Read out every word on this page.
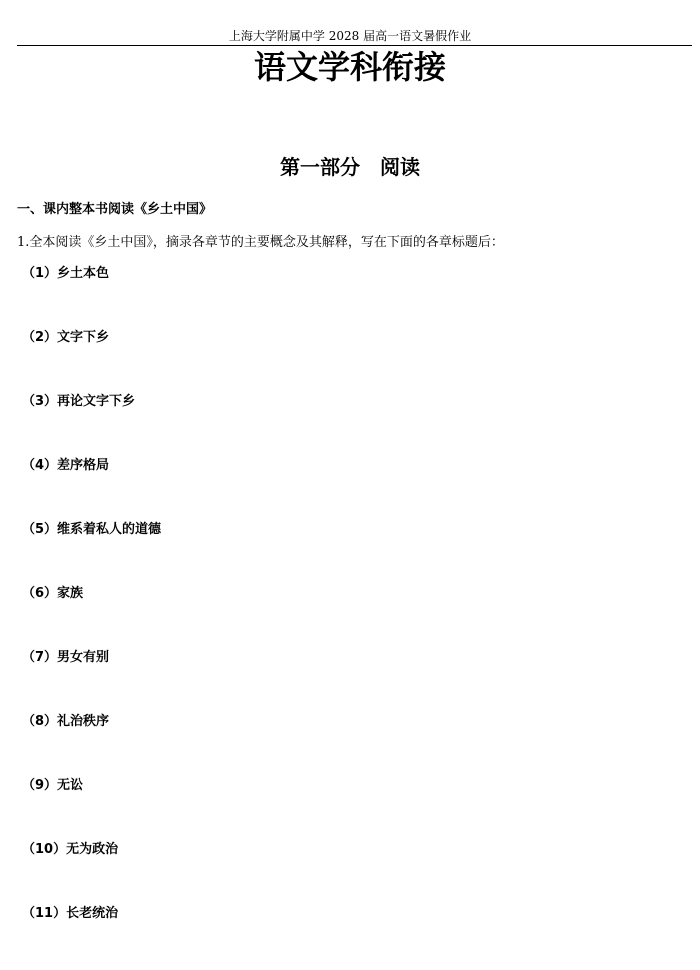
上海大学附属中学 2028 届高一语文暑假作业
语文学科衔接
第一部分　阅读
一、课内整本书阅读《乡土中国》
1.全本阅读《乡土中国》，摘录各章节的主要概念及其解释，写在下面的各章标题后：
（1）乡土本色
（2）文字下乡
（3）再论文字下乡
（4）差序格局
（5）维系着私人的道德
（6）家族
（7）男女有别
（8）礼治秩序
（9）无讼
（10）无为政治
（11）长老统治
